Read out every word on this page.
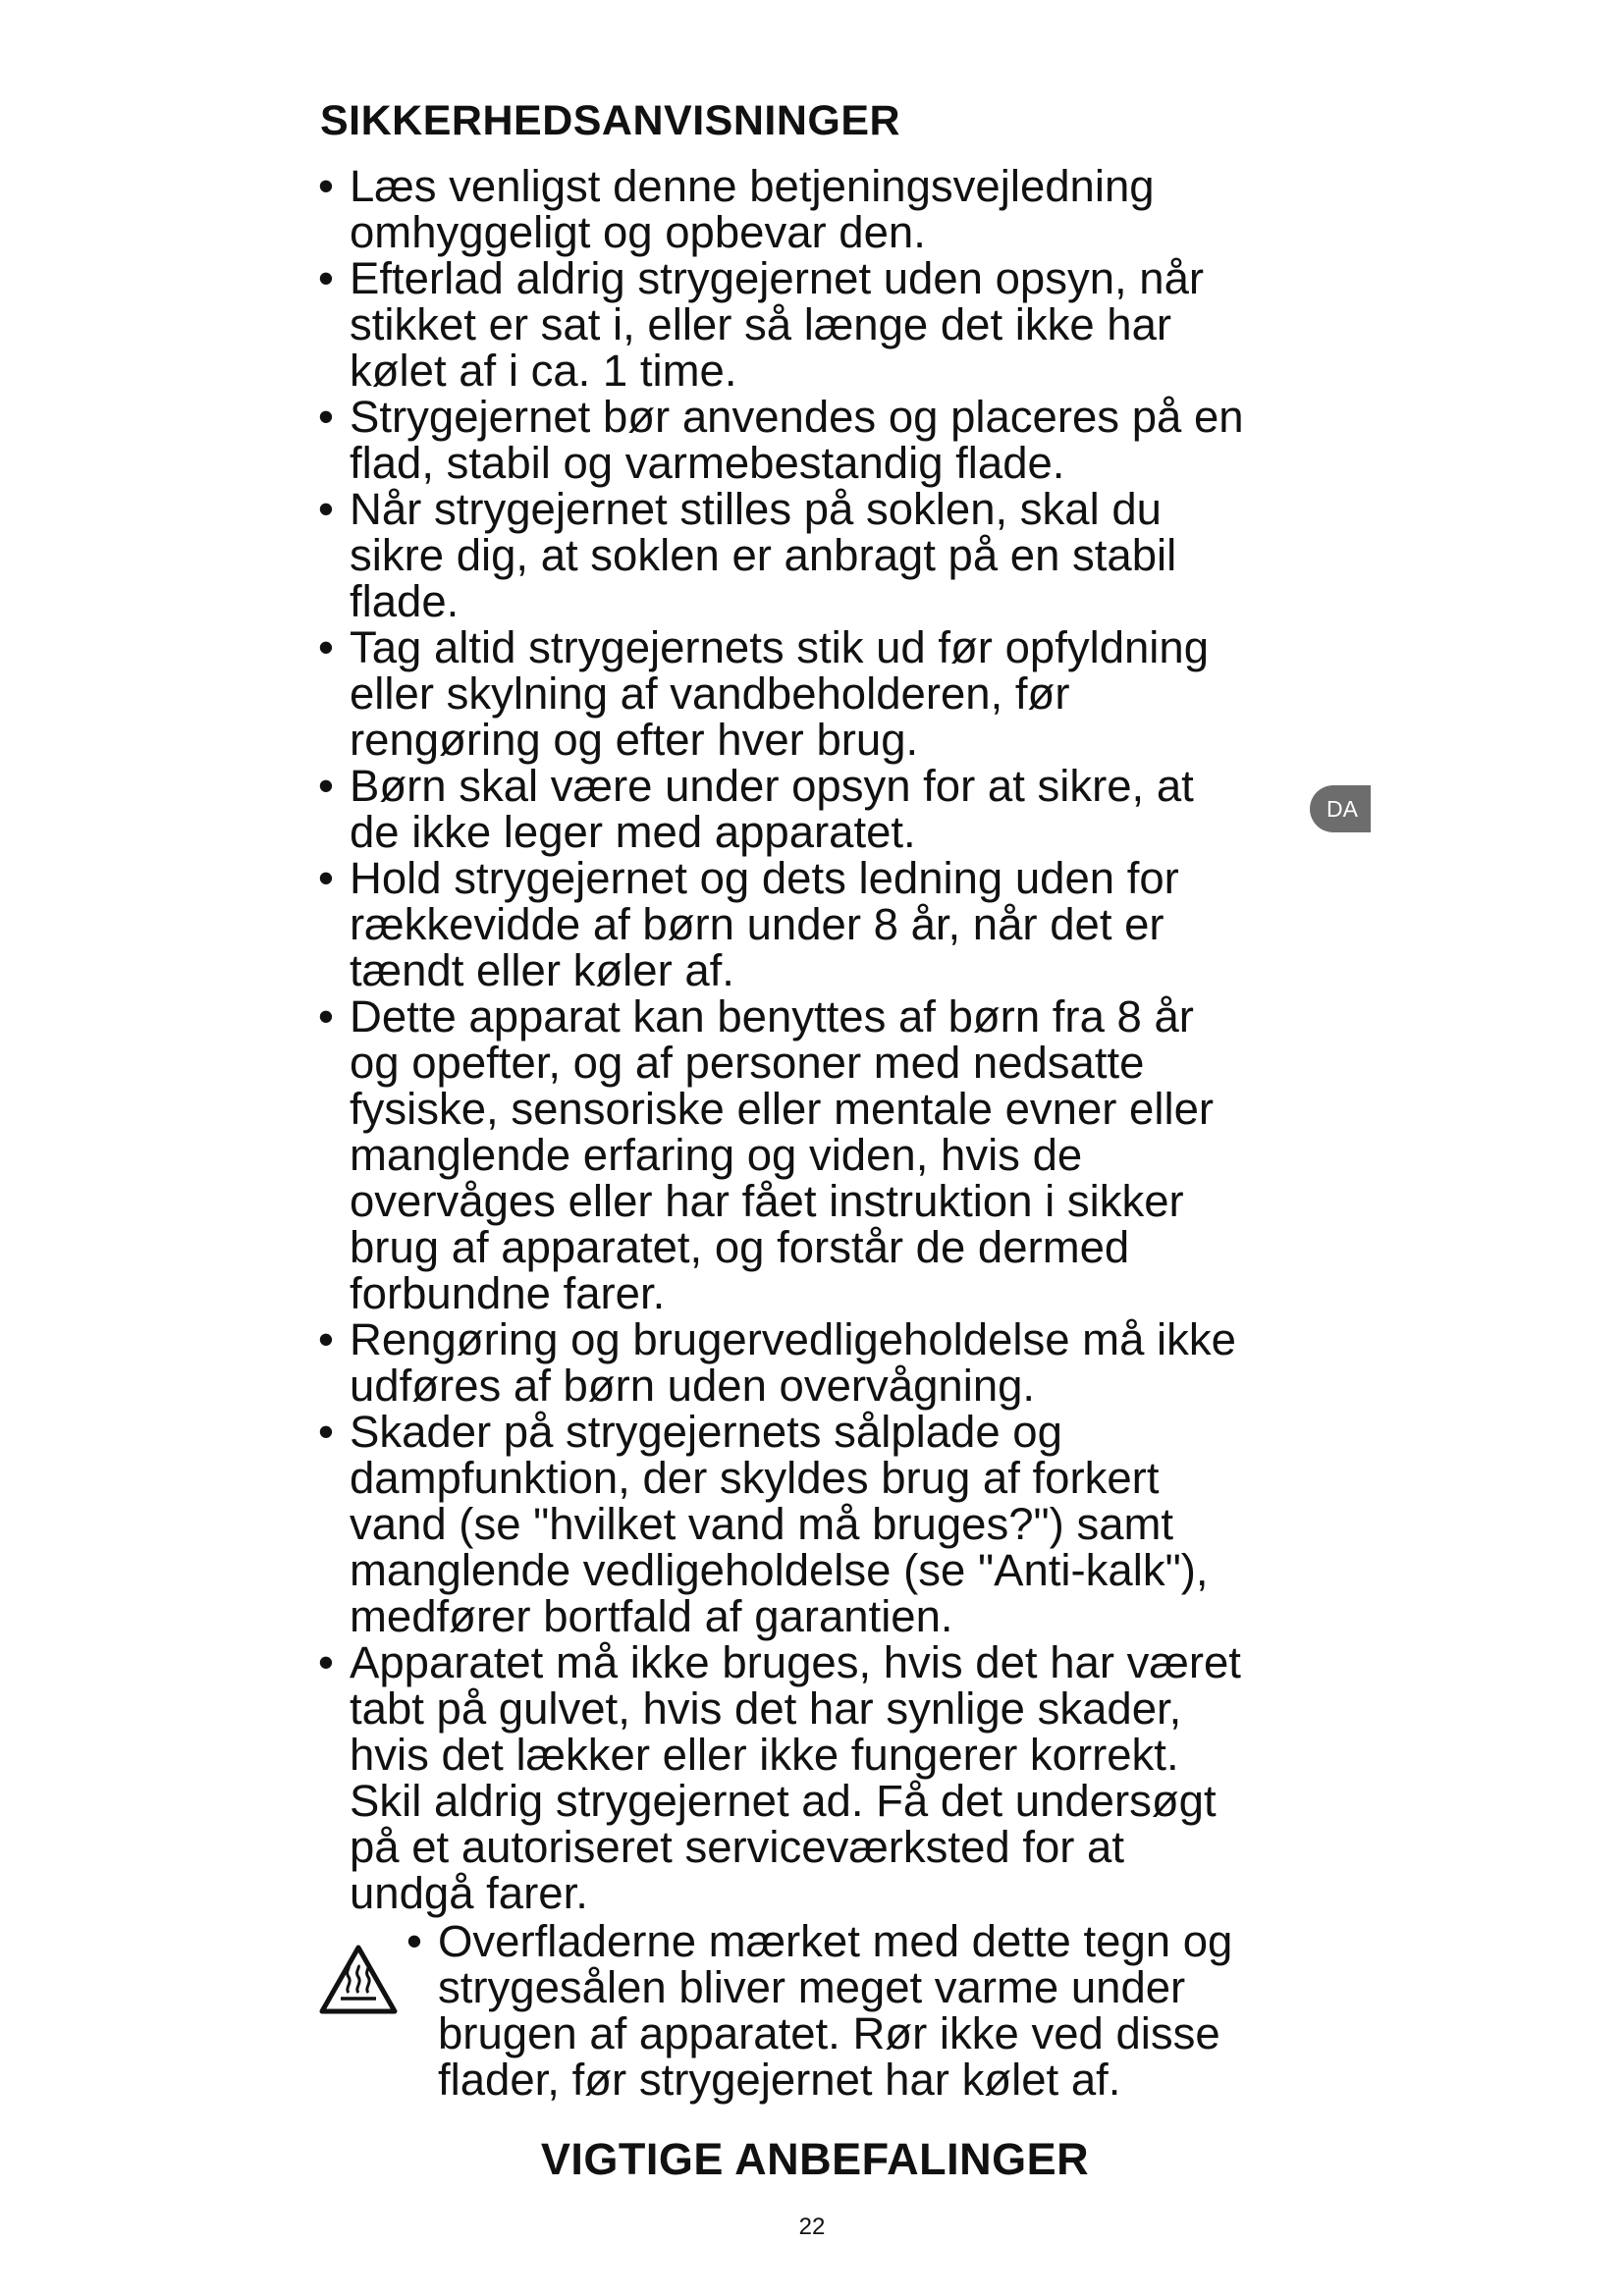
SIKKERHEDSANVISNINGER
• Læs venligst denne betjeningsvejledning
omhyggeligt og opbevar den.
• Efterlad aldrig strygejernet uden opsyn, når
stikket er sat i, eller så længe det ikke har
kølet af i ca. 1 time.
• Strygejernet bør anvendes og placeres på en
flad, stabil og varmebestandig flade.
• Når strygejernet stilles på soklen, skal du
sikre dig, at soklen er anbragt på en stabil
flade.
• Tag altid strygejernets stik ud før opfyldning
eller skylning af vandbeholderen, før
rengøring og efter hver brug.
• Børn skal være under opsyn for at sikre, at
de ikke leger med apparatet.
• Hold strygejernet og dets ledning uden for
rækkevidde af børn under 8 år, når det er
tændt eller køler af.
• Dette apparat kan benyttes af børn fra 8 år
og opefter, og af personer med nedsatte
fysiske, sensoriske eller mentale evner eller
manglende erfaring og viden, hvis de
overvåges eller har fået instruktion i sikker
brug af apparatet, og forstår de dermed
forbundne farer.
• Rengøring og brugervedligeholdelse må ikke
udføres af børn uden overvågning.
• Skader på strygejernets sålplade og
dampfunktion, der skyldes brug af forkert
vand (se "hvilket vand må bruges?") samt
manglende vedligeholdelse (se "Anti-kalk"),
medfører bortfald af garantien.
• Apparatet må ikke bruges, hvis det har været
tabt på gulvet, hvis det har synlige skader,
hvis det lækker eller ikke fungerer korrekt.
Skil aldrig strygejernet ad. Få det undersøgt
på et autoriseret serviceværksted for at
undgå farer.
• Overfladerne mærket med dette tegn og
strygesålen bliver meget varme under
brugen af apparatet. Rør ikke ved disse
flader, før strygejernet har kølet af.
VIGTIGE ANBEFALINGER
22
DA
